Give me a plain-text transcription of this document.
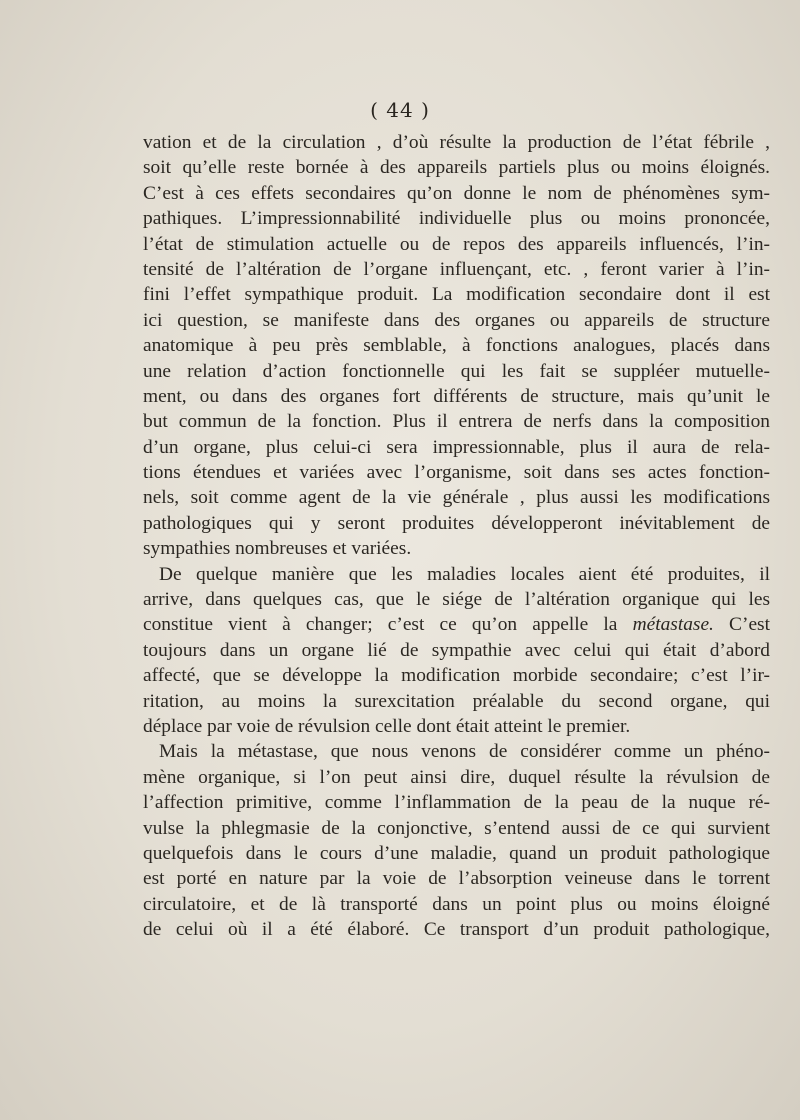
( 44 )
vation et de la circulation , d’où résulte la production de l’état fébrile ,
soit qu’elle reste bornée à des appareils partiels plus ou moins éloignés.
C’est à ces effets secondaires qu’on donne le nom de phénomènes sym-
pathiques. L’impressionnabilité individuelle plus ou moins prononcée,
l’état de stimulation actuelle ou de repos des appareils influencés, l’in-
tensité de l’altération de l’organe influençant, etc. , feront varier à l’in-
fini l’effet sympathique produit. La modification secondaire dont il est
ici question, se manifeste dans des organes ou appareils de structure
anatomique à peu près semblable, à fonctions analogues, placés dans
une relation d’action fonctionnelle qui les fait se suppléer mutuelle-
ment, ou dans des organes fort différents de structure, mais qu’unit le
but commun de la fonction. Plus il entrera de nerfs dans la composition
d’un organe, plus celui-ci sera impressionnable, plus il aura de rela-
tions étendues et variées avec l’organisme, soit dans ses actes fonction-
nels, soit comme agent de la vie générale , plus aussi les modifications
pathologiques qui y seront produites développeront inévitablement de
sympathies nombreuses et variées.
De quelque manière que les maladies locales aient été produites, il
arrive, dans quelques cas, que le siége de l’altération organique qui les
constitue vient à changer; c’est ce qu’on appelle la métastase. C’est
toujours dans un organe lié de sympathie avec celui qui était d’abord
affecté, que se développe la modification morbide secondaire; c’est l’ir-
ritation, au moins la surexcitation préalable du second organe, qui
déplace par voie de révulsion celle dont était atteint le premier.
Mais la métastase, que nous venons de considérer comme un phéno-
mène organique, si l’on peut ainsi dire, duquel résulte la révulsion de
l’affection primitive, comme l’inflammation de la peau de la nuque ré-
vulse la phlegmasie de la conjonctive, s’entend aussi de ce qui survient
quelquefois dans le cours d’une maladie, quand un produit pathologique
est porté en nature par la voie de l’absorption veineuse dans le torrent
circulatoire, et de là transporté dans un point plus ou moins éloigné
de celui où il a été élaboré. Ce transport d’un produit pathologique,
